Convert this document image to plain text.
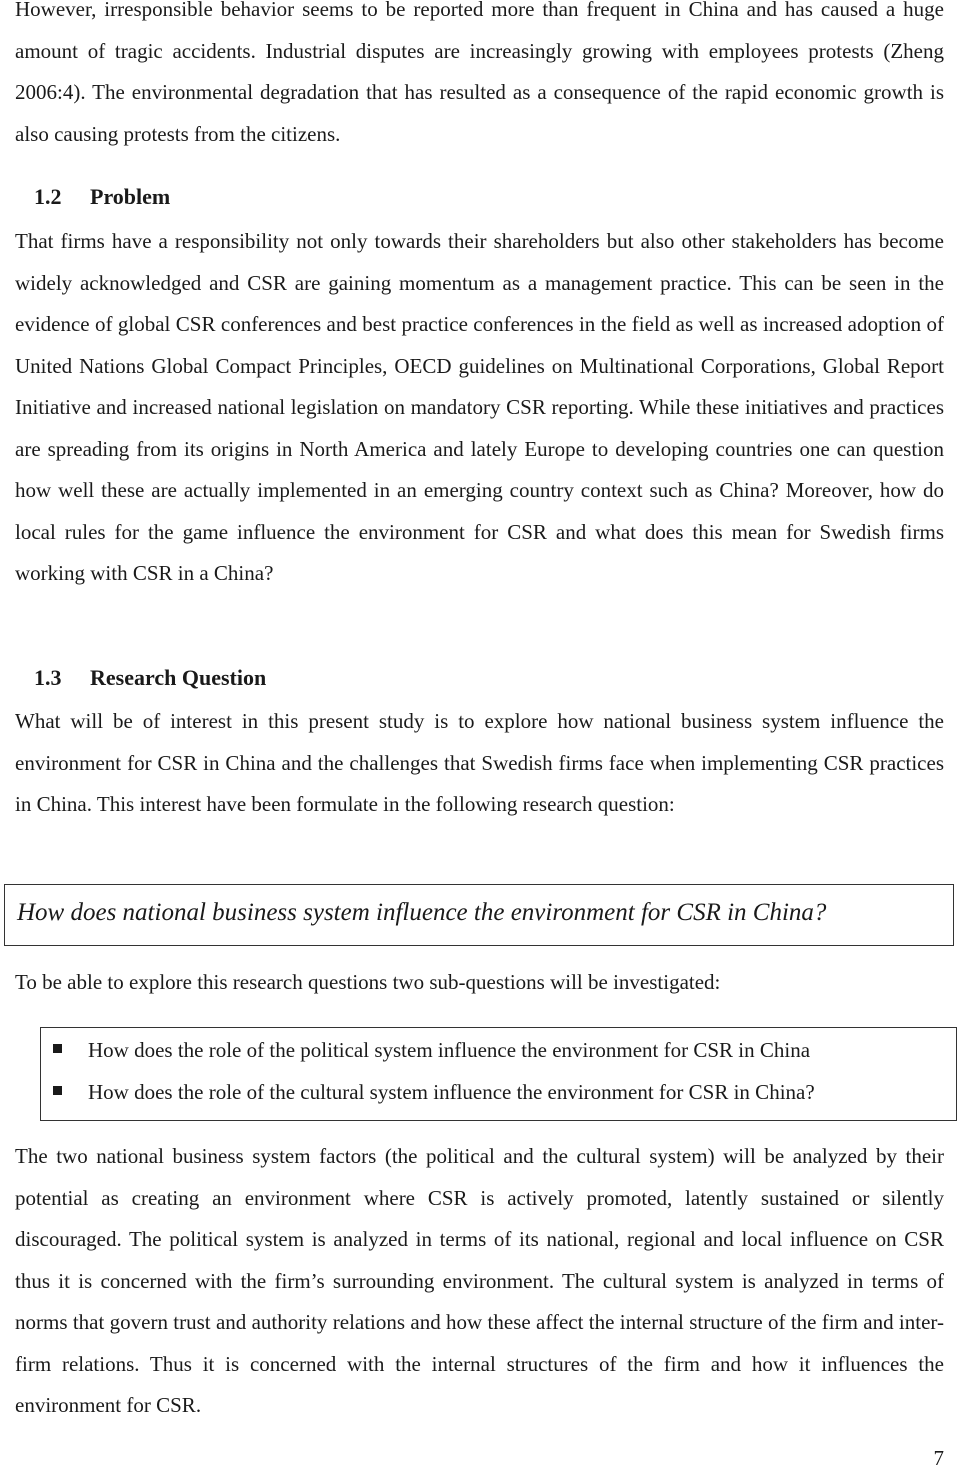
However, irresponsible behavior seems to be reported more than frequent in China and has caused a huge amount of tragic accidents. Industrial disputes are increasingly growing with employees protests (Zheng 2006:4). The environmental degradation that has resulted as a consequence of the rapid economic growth is also causing protests from the citizens.

1.2 Problem

That firms have a responsibility not only towards their shareholders but also other stakeholders has become widely acknowledged and CSR are gaining momentum as a management practice. This can be seen in the evidence of global CSR conferences and best practice conferences in the field as well as increased adoption of United Nations Global Compact Principles, OECD guidelines on Multinational Corporations, Global Report Initiative and increased national legislation on mandatory CSR reporting. While these initiatives and practices are spreading from its origins in North America and lately Europe to developing countries one can question how well these are actually implemented in an emerging country context such as China? Moreover, how do local rules for the game influence the environment for CSR and what does this mean for Swedish firms working with CSR in a China?

1.3 Research Question

What will be of interest in this present study is to explore how national business system influence the environment for CSR in China and the challenges that Swedish firms face when implementing CSR practices in China. This interest have been formulate in the following research question:

How does national business system influence the environment for CSR in China?

To be able to explore this research questions two sub-questions will be investigated:

How does the role of the political system influence the environment for CSR in China
How does the role of the cultural system influence the environment for CSR in China?

The two national business system factors (the political and the cultural system) will be analyzed by their potential as creating an environment where CSR is actively promoted, latently sustained or silently discouraged. The political system is analyzed in terms of its national, regional and local influence on CSR thus it is concerned with the firm’s surrounding environment. The cultural system is analyzed in terms of norms that govern trust and authority relations and how these affect the internal structure of the firm and inter-firm relations. Thus it is concerned with the internal structures of the firm and how it influences the environment for CSR.

7
